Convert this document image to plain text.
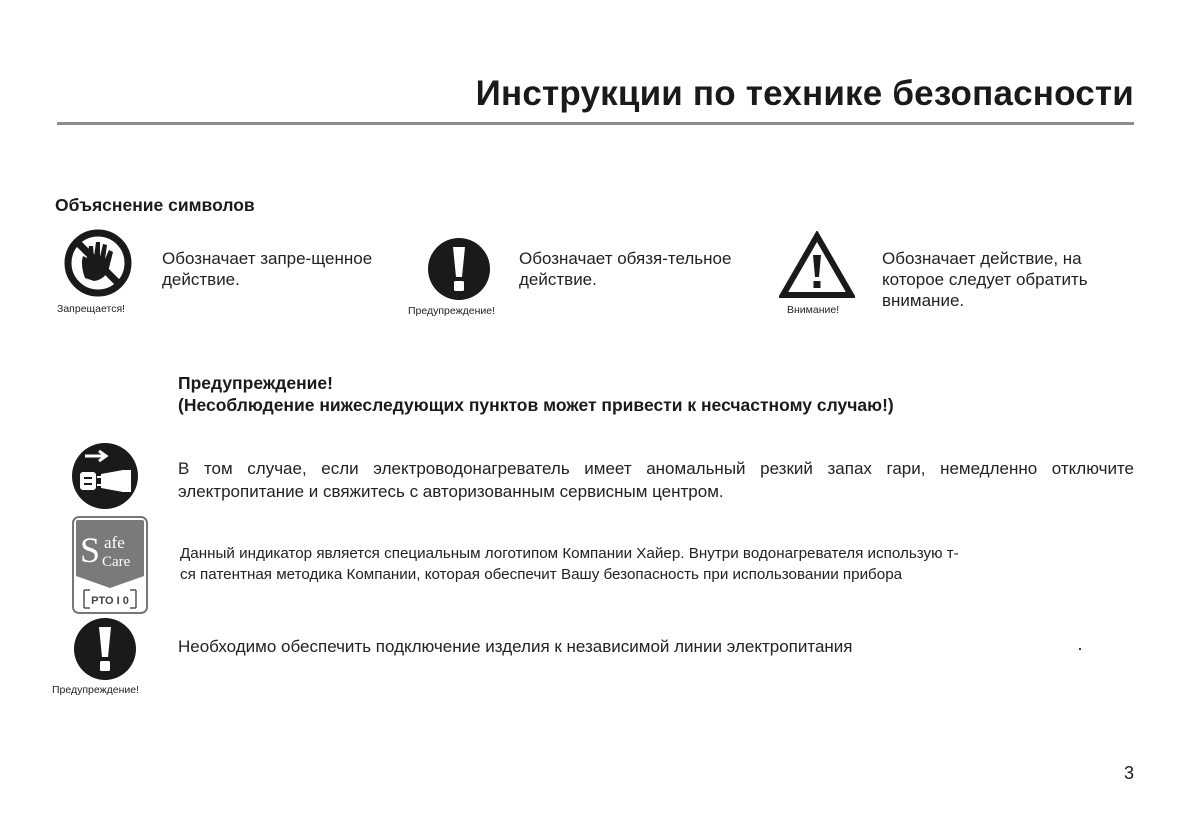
Инструкции по технике безопасности
Объяснение символов
Запрещается!
Обозначает запре-щенное действие.
Предупреждение!
Обозначает обязя-тельное действие.
Внимание!
Обозначает действие, на которое следует обратить внимание.
Предупреждение!
(Несоблюдение нижеследующих пунктов может привести к несчастному случаю!)
В том случае, если электроводонагреватель имеет аномальный резкий запах гари, немедленно отключите электропитание и свяжитесь с авторизованным сервисным центром.
S afe
Care
PTO I 0
Данный индикатор является специальным логотипом Компании Хайер. Внутри водонагревателя использую т-
ся патентная методика Компании, которая обеспечит Вашу безопасность при использовании прибора
Предупреждение!
Необходимо обеспечить подключение изделия к независимой линии электропитания
3
